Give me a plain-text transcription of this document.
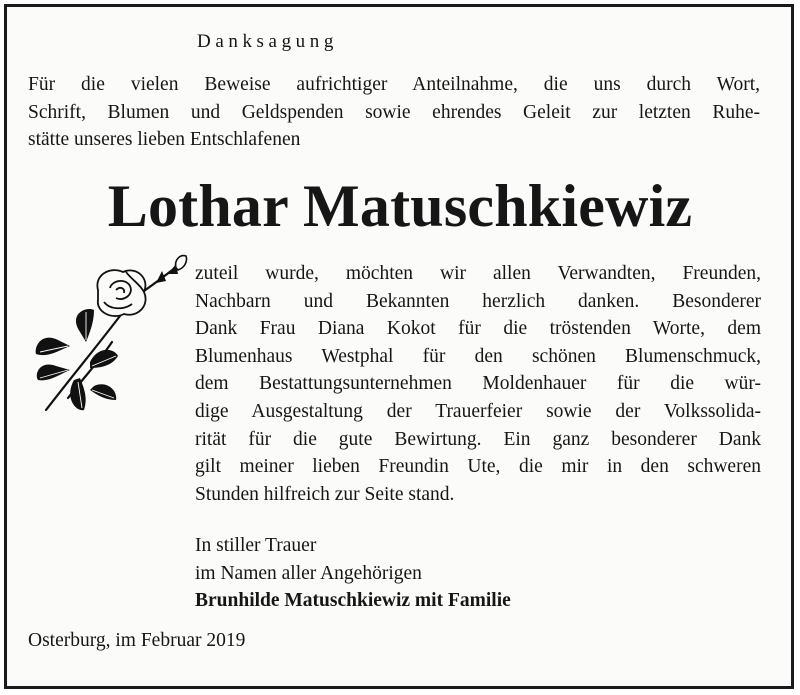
Danksagung
Für die vielen Beweise aufrichtiger Anteilnahme, die uns durch Wort,
Schrift, Blumen und Geldspenden sowie ehrendes Geleit zur letzten Ruhe-
stätte unseres lieben Entschlafenen
Lothar Matuschkiewiz
zuteil wurde, möchten wir allen Verwandten, Freunden,
Nachbarn und Bekannten herzlich danken. Besonderer
Dank Frau Diana Kokot für die tröstenden Worte, dem
Blumenhaus Westphal für den schönen Blumenschmuck,
dem Bestattungsunternehmen Moldenhauer für die wür-
dige Ausgestaltung der Trauerfeier sowie der Volkssolida-
rität für die gute Bewirtung. Ein ganz besonderer Dank
gilt meiner lieben Freundin Ute, die mir in den schweren
Stunden hilfreich zur Seite stand.
In stiller Trauer
im Namen aller Angehörigen
Brunhilde Matuschkiewiz mit Familie
Osterburg, im Februar 2019
